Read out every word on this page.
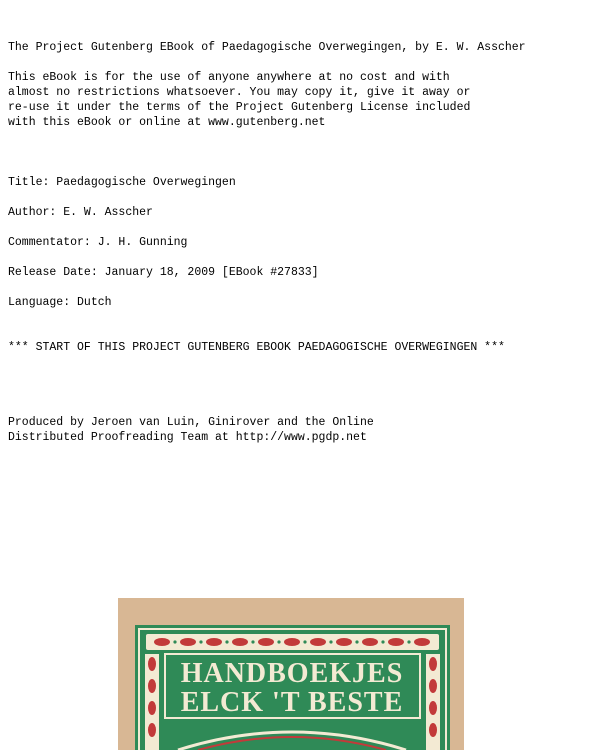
The Project Gutenberg EBook of Paedagogische Overwegingen, by E. W. Asscher
This eBook is for the use of anyone anywhere at no cost and with
almost no restrictions whatsoever. You may copy it, give it away or
re-use it under the terms of the Project Gutenberg License included
with this eBook or online at www.gutenberg.net
Title: Paedagogische Overwegingen
Author: E. W. Asscher
Commentator: J. H. Gunning
Release Date: January 18, 2009 [EBook #27833]
Language: Dutch
*** START OF THIS PROJECT GUTENBERG EBOOK PAEDAGOGISCHE OVERWEGINGEN ***
Produced by Jeroen van Luin, Ginirover and the Online
Distributed Proofreading Team at http://www.pgdp.net
HANDBOEKJES
ELCK 'T BESTE
